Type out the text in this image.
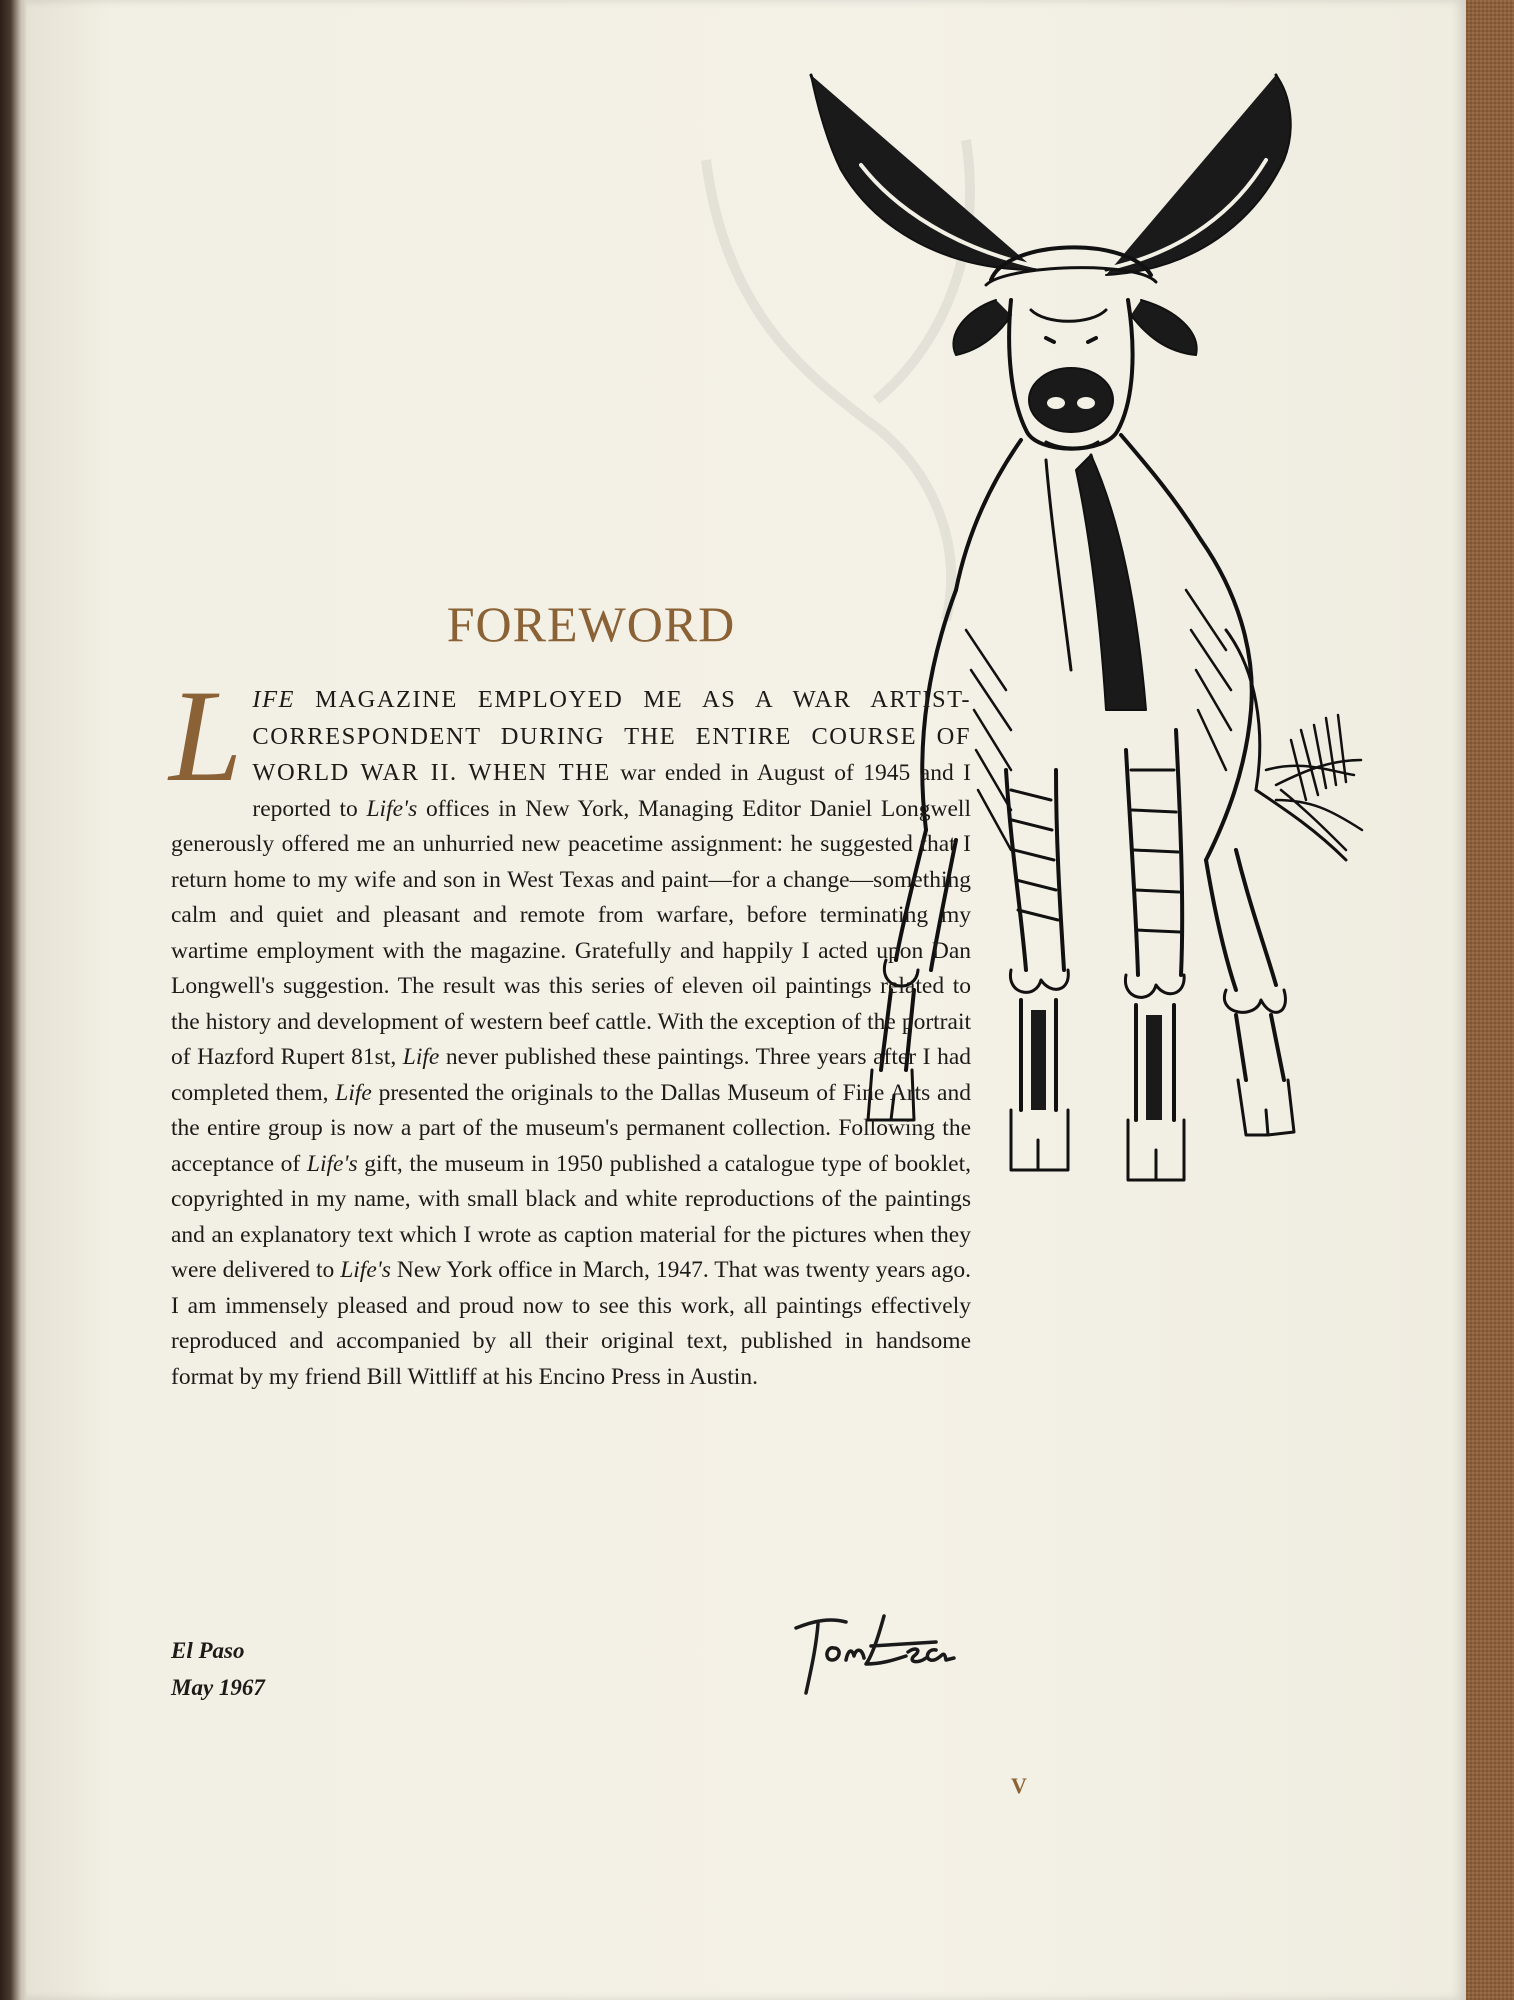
FOREWORD

LIFE MAGAZINE EMPLOYED ME AS A WAR ARTIST-CORRESPONDENT DURING THE ENTIRE COURSE OF WORLD WAR II. WHEN THE war ended in August of 1945 and I reported to Life's offices in New York, Managing Editor Daniel Longwell generously offered me an unhurried new peacetime assignment: he suggested that I return home to my wife and son in West Texas and paint—for a change—something calm and quiet and pleasant and remote from warfare, before terminating my wartime employment with the magazine. Gratefully and happily I acted upon Dan Longwell's suggestion. The result was this series of eleven oil paintings related to the history and development of western beef cattle. With the exception of the portrait of Hazford Rupert 81st, Life never published these paintings. Three years after I had completed them, Life presented the originals to the Dallas Museum of Fine Arts and the entire group is now a part of the museum's permanent collection. Following the acceptance of Life's gift, the museum in 1950 published a catalogue type of booklet, copyrighted in my name, with small black and white reproductions of the paintings and an explanatory text which I wrote as caption material for the pictures when they were delivered to Life's New York office in March, 1947. That was twenty years ago. I am immensely pleased and proud now to see this work, all paintings effectively reproduced and accompanied by all their original text, published in handsome format by my friend Bill Wittliff at his Encino Press in Austin.

El Paso
May 1967
V
